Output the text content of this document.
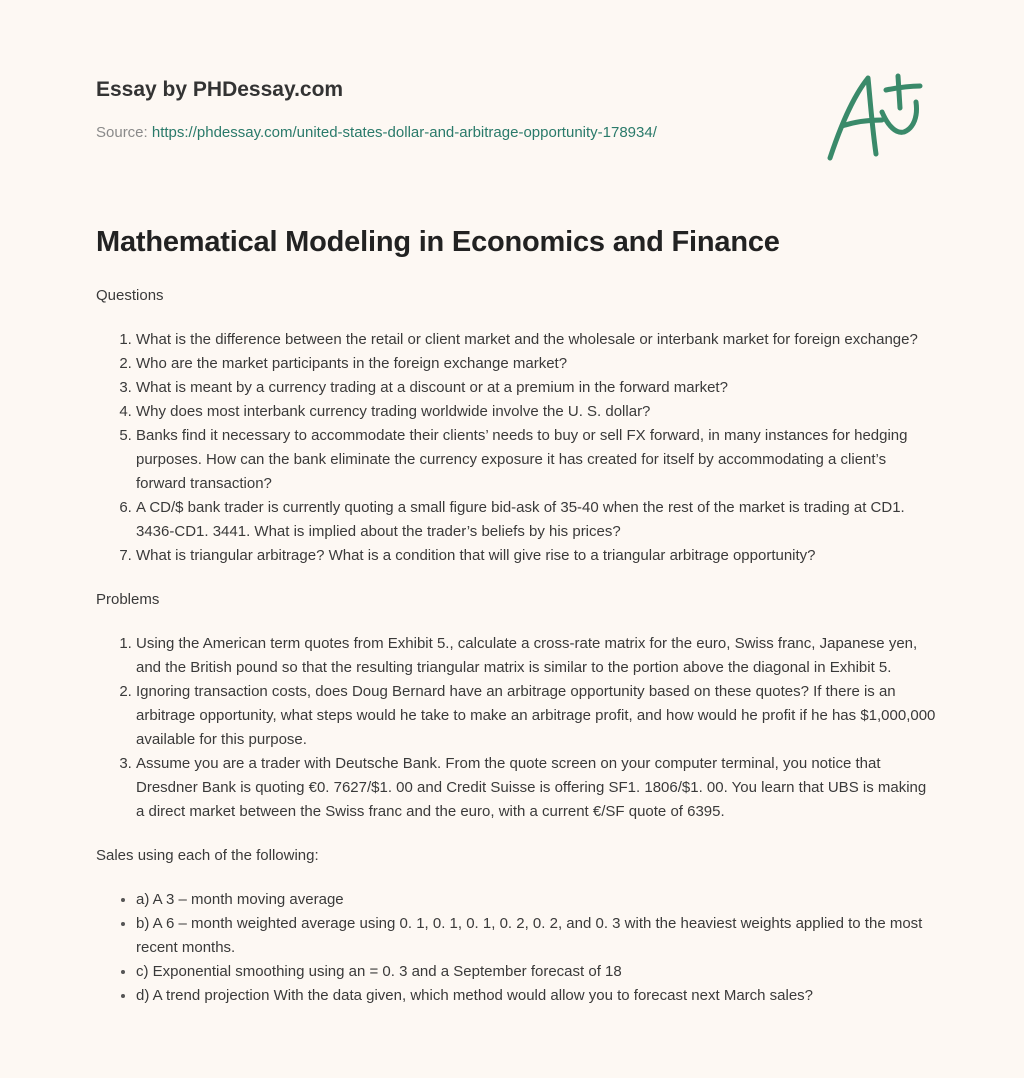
Essay by PHDessay.com
Source: https://phdessay.com/united-states-dollar-and-arbitrage-opportunity-178934/
Mathematical Modeling in Economics and Finance

Questions

1. What is the difference between the retail or client market and the wholesale or interbank market for foreign exchange?
2. Who are the market participants in the foreign exchange market?
3. What is meant by a currency trading at a discount or at a premium in the forward market?
4. Why does most interbank currency trading worldwide involve the U. S. dollar?
5. Banks find it necessary to accommodate their clients’ needs to buy or sell FX forward, in many instances for hedging purposes. How can the bank eliminate the currency exposure it has created for itself by accommodating a client’s forward transaction?
6. A CD/$ bank trader is currently quoting a small figure bid-ask of 35-40 when the rest of the market is trading at CD1. 3436-CD1. 3441. What is implied about the trader’s beliefs by his prices?
7. What is triangular arbitrage? What is a condition that will give rise to a triangular arbitrage opportunity?

Problems

1. Using the American term quotes from Exhibit 5., calculate a cross-rate matrix for the euro, Swiss franc, Japanese yen, and the British pound so that the resulting triangular matrix is similar to the portion above the diagonal in Exhibit 5.
2. Ignoring transaction costs, does Doug Bernard have an arbitrage opportunity based on these quotes? If there is an arbitrage opportunity, what steps would he take to make an arbitrage profit, and how would he profit if he has $1,000,000 available for this purpose.
3. Assume you are a trader with Deutsche Bank. From the quote screen on your computer terminal, you notice that Dresdner Bank is quoting €0. 7627/$1. 00 and Credit Suisse is offering SF1. 1806/$1. 00. You learn that UBS is making a direct market between the Swiss franc and the euro, with a current €/SF quote of 6395.

Sales using each of the following:

• a) A 3 – month moving average
• b) A 6 – month weighted average using 0. 1, 0. 1, 0. 1, 0. 2, 0. 2, and 0. 3 with the heaviest weights applied to the most recent months.
• c) Exponential smoothing using an = 0. 3 and a September forecast of 18
• d) A trend projection With the data given, which method would allow you to forecast next March sales?
